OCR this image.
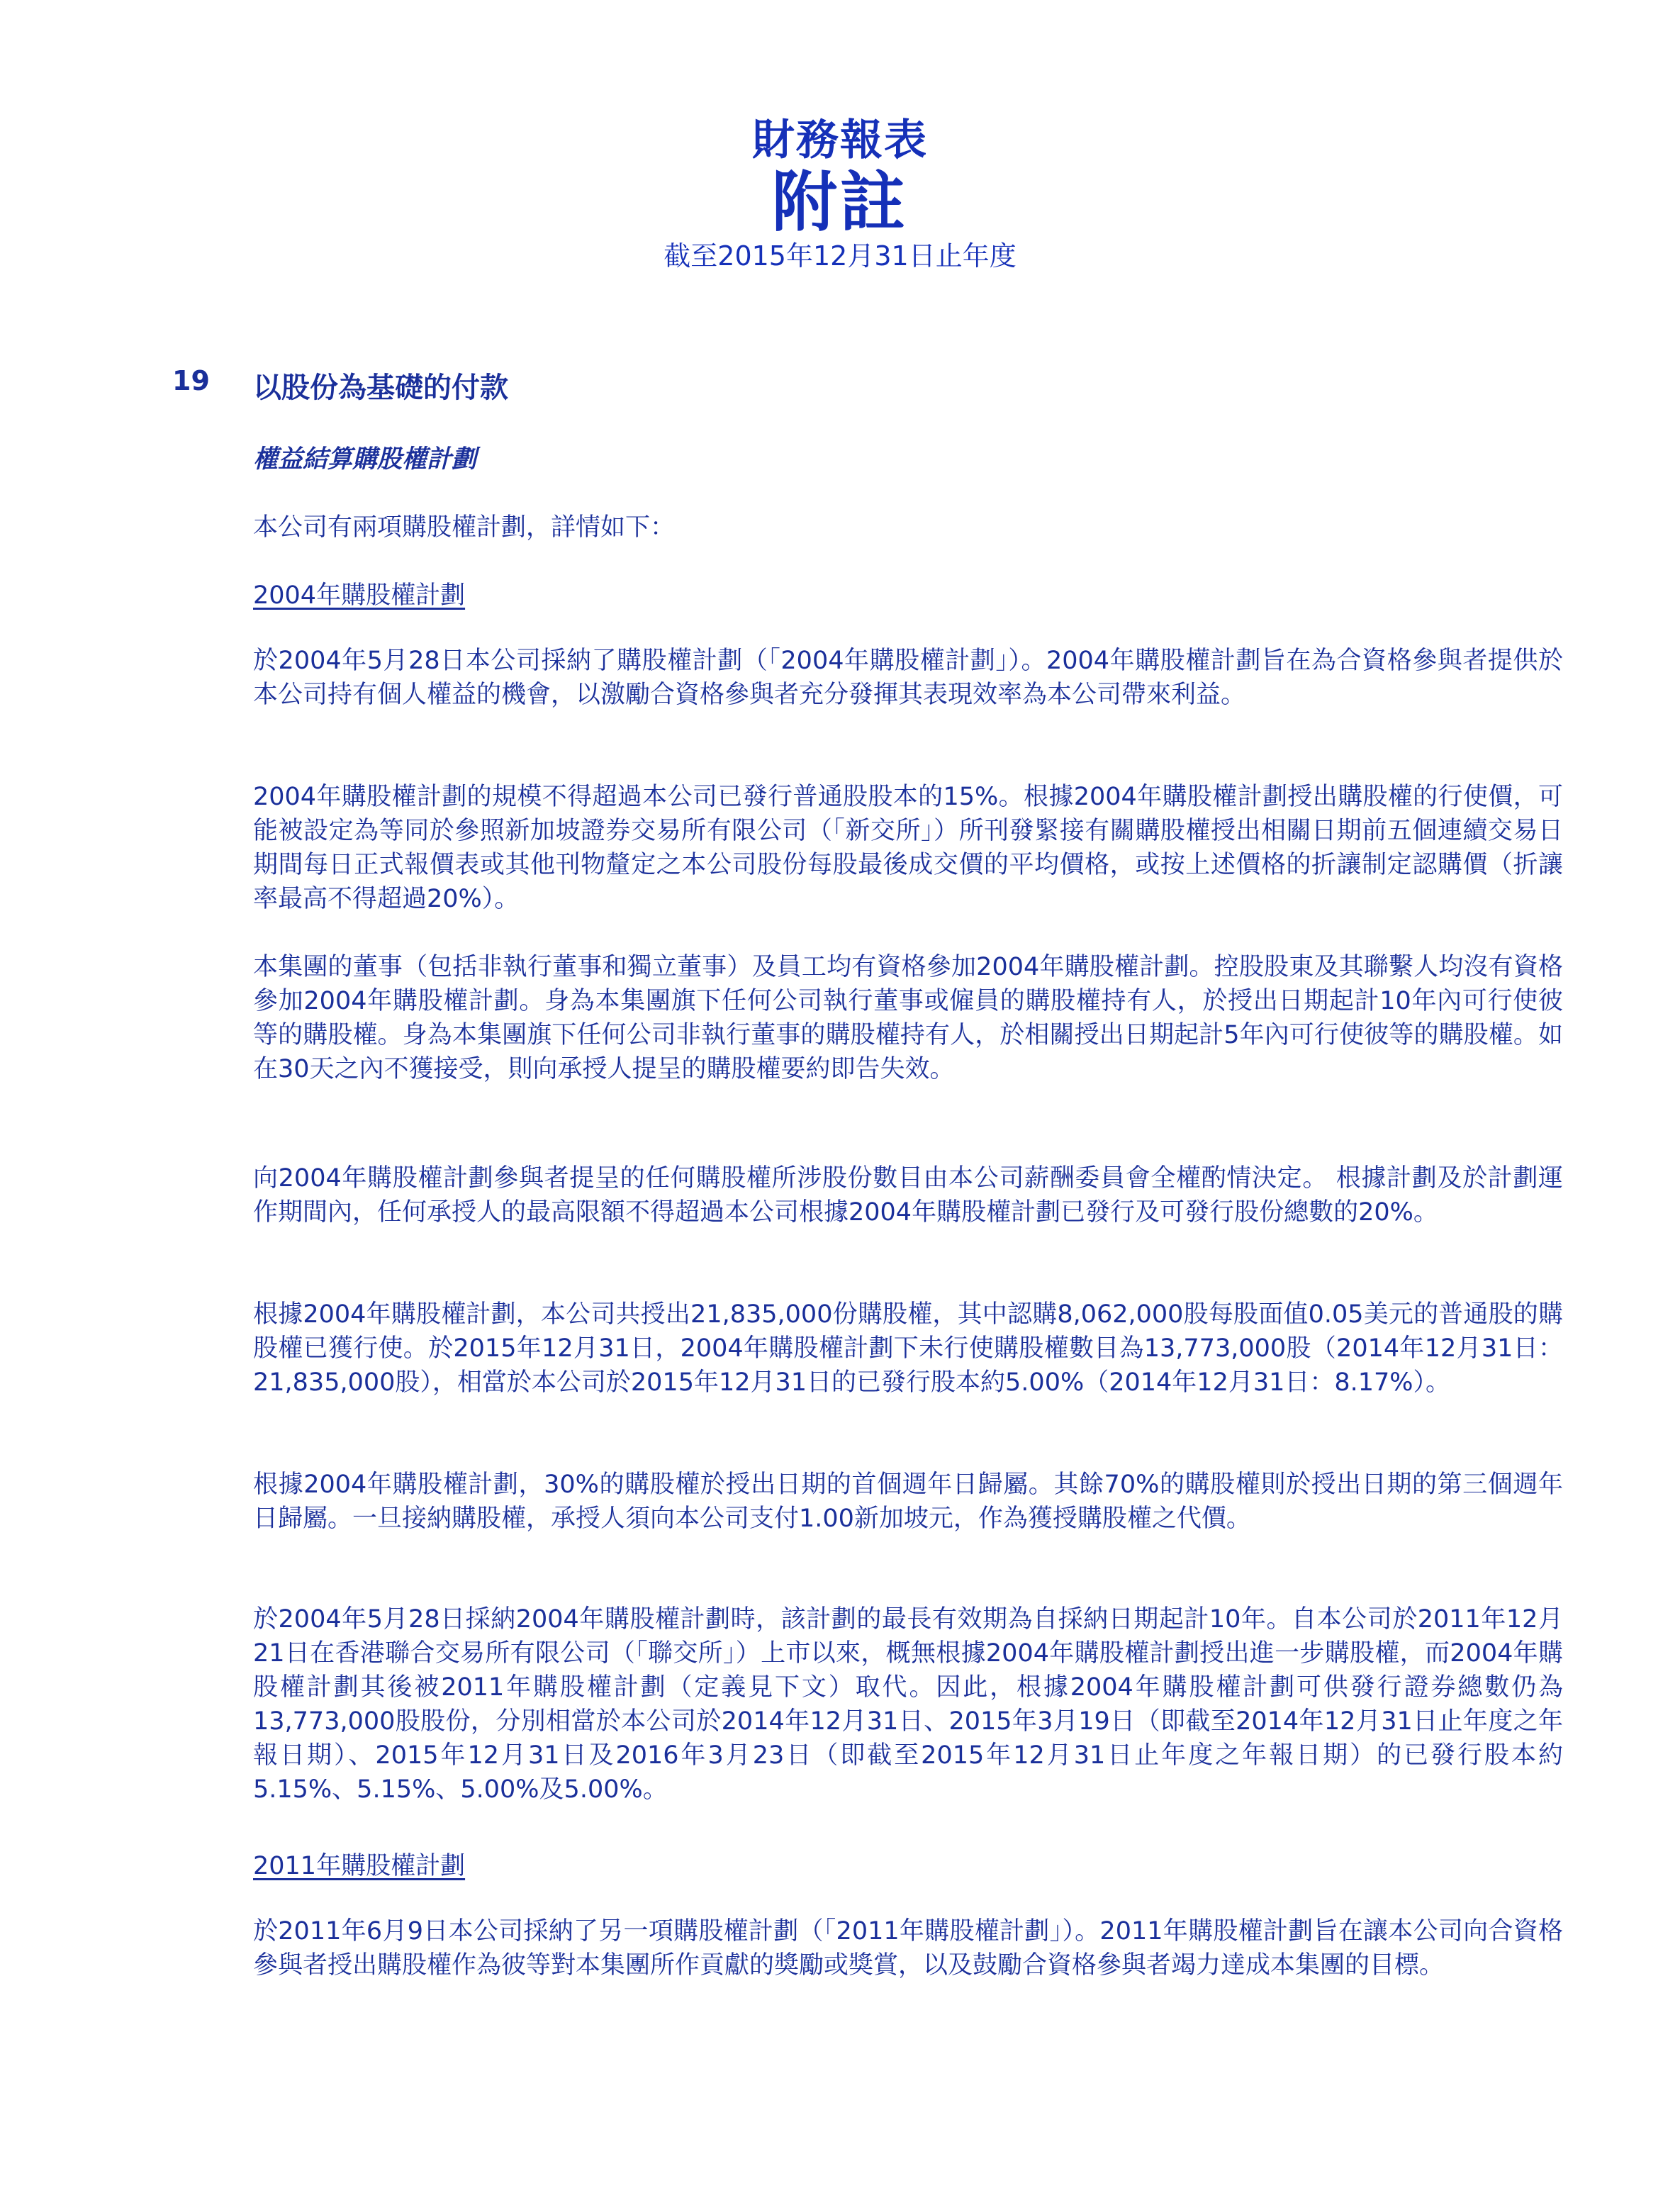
財務報表
附註
截至2015年12月31日止年度
19 以股份為基礎的付款
權益結算購股權計劃
本公司有兩項購股權計劃，詳情如下：
2004年購股權計劃

於2004年5月28日本公司採納了購股權計劃（「2004年購股權計劃」）。2004年購股權計劃旨在為合資格參與者提供於本公司持有個人權益的機會，以激勵合資格參與者充分發揮其表現效率為本公司帶來利益。

2004年購股權計劃的規模不得超過本公司已發行普通股股本的15%。根據2004年購股權計劃授出購股權的行使價，可能被設定為等同於參照新加坡證券交易所有限公司（「新交所」）所刊發緊接有關購股權授出相關日期前五個連續交易日期間每日正式報價表或其他刊物釐定之本公司股份每股最後成交價的平均價格，或按上述價格的折讓制定認購價（折讓率最高不得超過20%）。

本集團的董事（包括非執行董事和獨立董事）及員工均有資格參加2004年購股權計劃。控股股東及其聯繫人均沒有資格參加2004年購股權計劃。身為本集團旗下任何公司執行董事或僱員的購股權持有人，於授出日期起計10年內可行使彼等的購股權。身為本集團旗下任何公司非執行董事的購股權持有人，於相關授出日期起計5年內可行使彼等的購股權。如在30天之內不獲接受，則向承授人提呈的購股權要約即告失效。

向2004年購股權計劃參與者提呈的任何購股權所涉股份數目由本公司薪酬委員會全權酌情決定。 根據計劃及於計劃運作期間內，任何承授人的最高限額不得超過本公司根據2004年購股權計劃已發行及可發行股份總數的20%。

根據2004年購股權計劃，本公司共授出21,835,000份購股權，其中認購8,062,000股每股面值0.05美元的普通股的購股權已獲行使。於2015年12月31日，2004年購股權計劃下未行使購股權數目為13,773,000股（2014年12月31日：21,835,000股），相當於本公司於2015年12月31日的已發行股本約5.00%（2014年12月31日：8.17%）。

根據2004年購股權計劃，30%的購股權於授出日期的首個週年日歸屬。其餘70%的購股權則於授出日期的第三個週年日歸屬。一旦接納購股權，承授人須向本公司支付1.00新加坡元，作為獲授購股權之代價。

於2004年5月28日採納2004年購股權計劃時，該計劃的最長有效期為自採納日期起計10年。自本公司於2011年12月21日在香港聯合交易所有限公司（「聯交所」）上市以來，概無根據2004年購股權計劃授出進一步購股權，而2004年購股權計劃其後被2011年購股權計劃（定義見下文）取代。因此，根據2004年購股權計劃可供發行證券總數仍為13,773,000股股份，分別相當於本公司於2014年12月31日、2015年3月19日（即截至2014年12月31日止年度之年報日期）、2015年12月31日及2016年3月23日（即截至2015年12月31日止年度之年報日期）的已發行股本約5.15%、5.15%、5.00%及5.00%。

2011年購股權計劃

於2011年6月9日本公司採納了另一項購股權計劃（「2011年購股權計劃」）。2011年購股權計劃旨在讓本公司向合資格參與者授出購股權作為彼等對本集團所作貢獻的獎勵或獎賞，以及鼓勵合資格參與者竭力達成本集團的目標。
